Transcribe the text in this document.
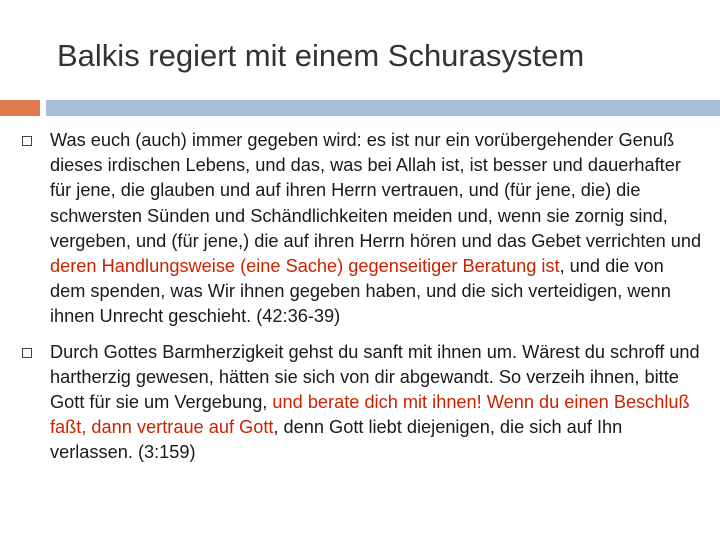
Balkis regiert mit einem Schurasystem
Was euch (auch) immer gegeben wird: es ist nur ein vorübergehender Genuß dieses irdischen Lebens, und das, was bei Allah ist, ist besser und dauerhafter für jene, die glauben und auf ihren Herrn vertrauen, und (für jene, die) die schwersten Sünden und Schändlichkeiten meiden und, wenn sie zornig sind, vergeben, und (für jene,) die auf ihren Herrn hören und das Gebet verrichten und deren Handlungsweise (eine Sache) gegenseitiger Beratung ist, und die von dem spenden, was Wir ihnen gegeben haben, und die sich verteidigen, wenn ihnen Unrecht geschieht. (42:36-39)
Durch Gottes Barmherzigkeit gehst du sanft mit ihnen um. Wärest du schroff und hartherzig gewesen, hätten sie sich von dir abgewandt. So verzeih ihnen, bitte Gott für sie um Vergebung, und berate dich mit ihnen! Wenn du einen Beschluß faßt, dann vertraue auf Gott, denn Gott liebt diejenigen, die sich auf Ihn verlassen. (3:159)
